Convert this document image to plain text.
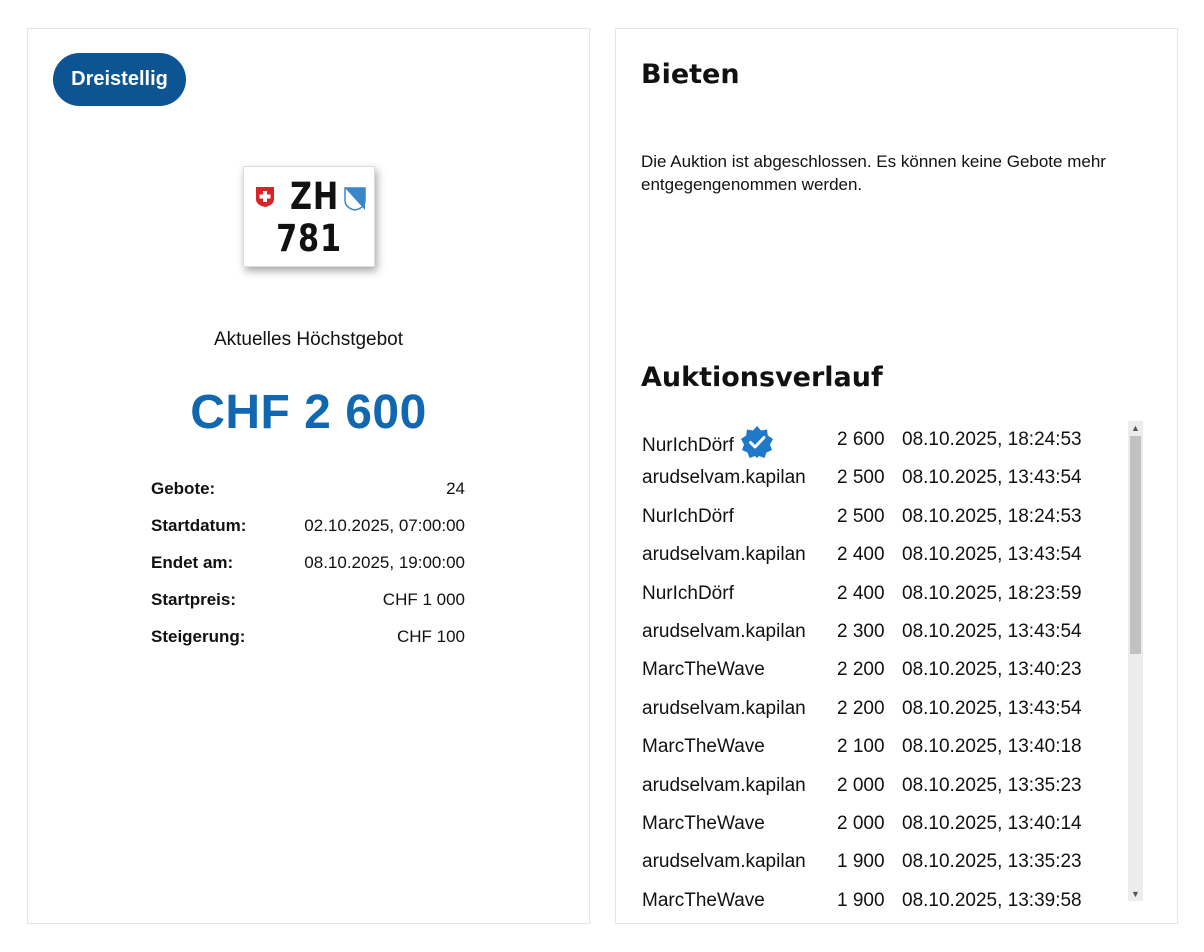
Dreistellig
ZH
781
Aktuelles Höchstgebot
CHF 2 600
Gebote:	24
Startdatum:	02.10.2025, 07:00:00
Endet am:	08.10.2025, 19:00:00
Startpreis:	CHF 1 000
Steigerung:	CHF 100
Bieten
Die Auktion ist abgeschlossen. Es können keine Gebote mehr entgegengenommen werden.
Auktionsverlauf
NurIchDörf	2 600 08.10.2025, 18:24:53
arudselvam.kapilan 2 500 08.10.2025, 13:43:54
NurIchDörf	2 500 08.10.2025, 18:24:53
arudselvam.kapilan 2 400 08.10.2025, 13:43:54
NurIchDörf	2 400 08.10.2025, 18:23:59
arudselvam.kapilan 2 300 08.10.2025, 13:43:54
MarcTheWave	2 200 08.10.2025, 13:40:23
arudselvam.kapilan 2 200 08.10.2025, 13:43:54
MarcTheWave	2 100 08.10.2025, 13:40:18
arudselvam.kapilan 2 000 08.10.2025, 13:35:23
MarcTheWave	2 000 08.10.2025, 13:40:14
arudselvam.kapilan 1 900 08.10.2025, 13:35:23
MarcTheWave	1 900 08.10.2025, 13:39:58
▲
▼
